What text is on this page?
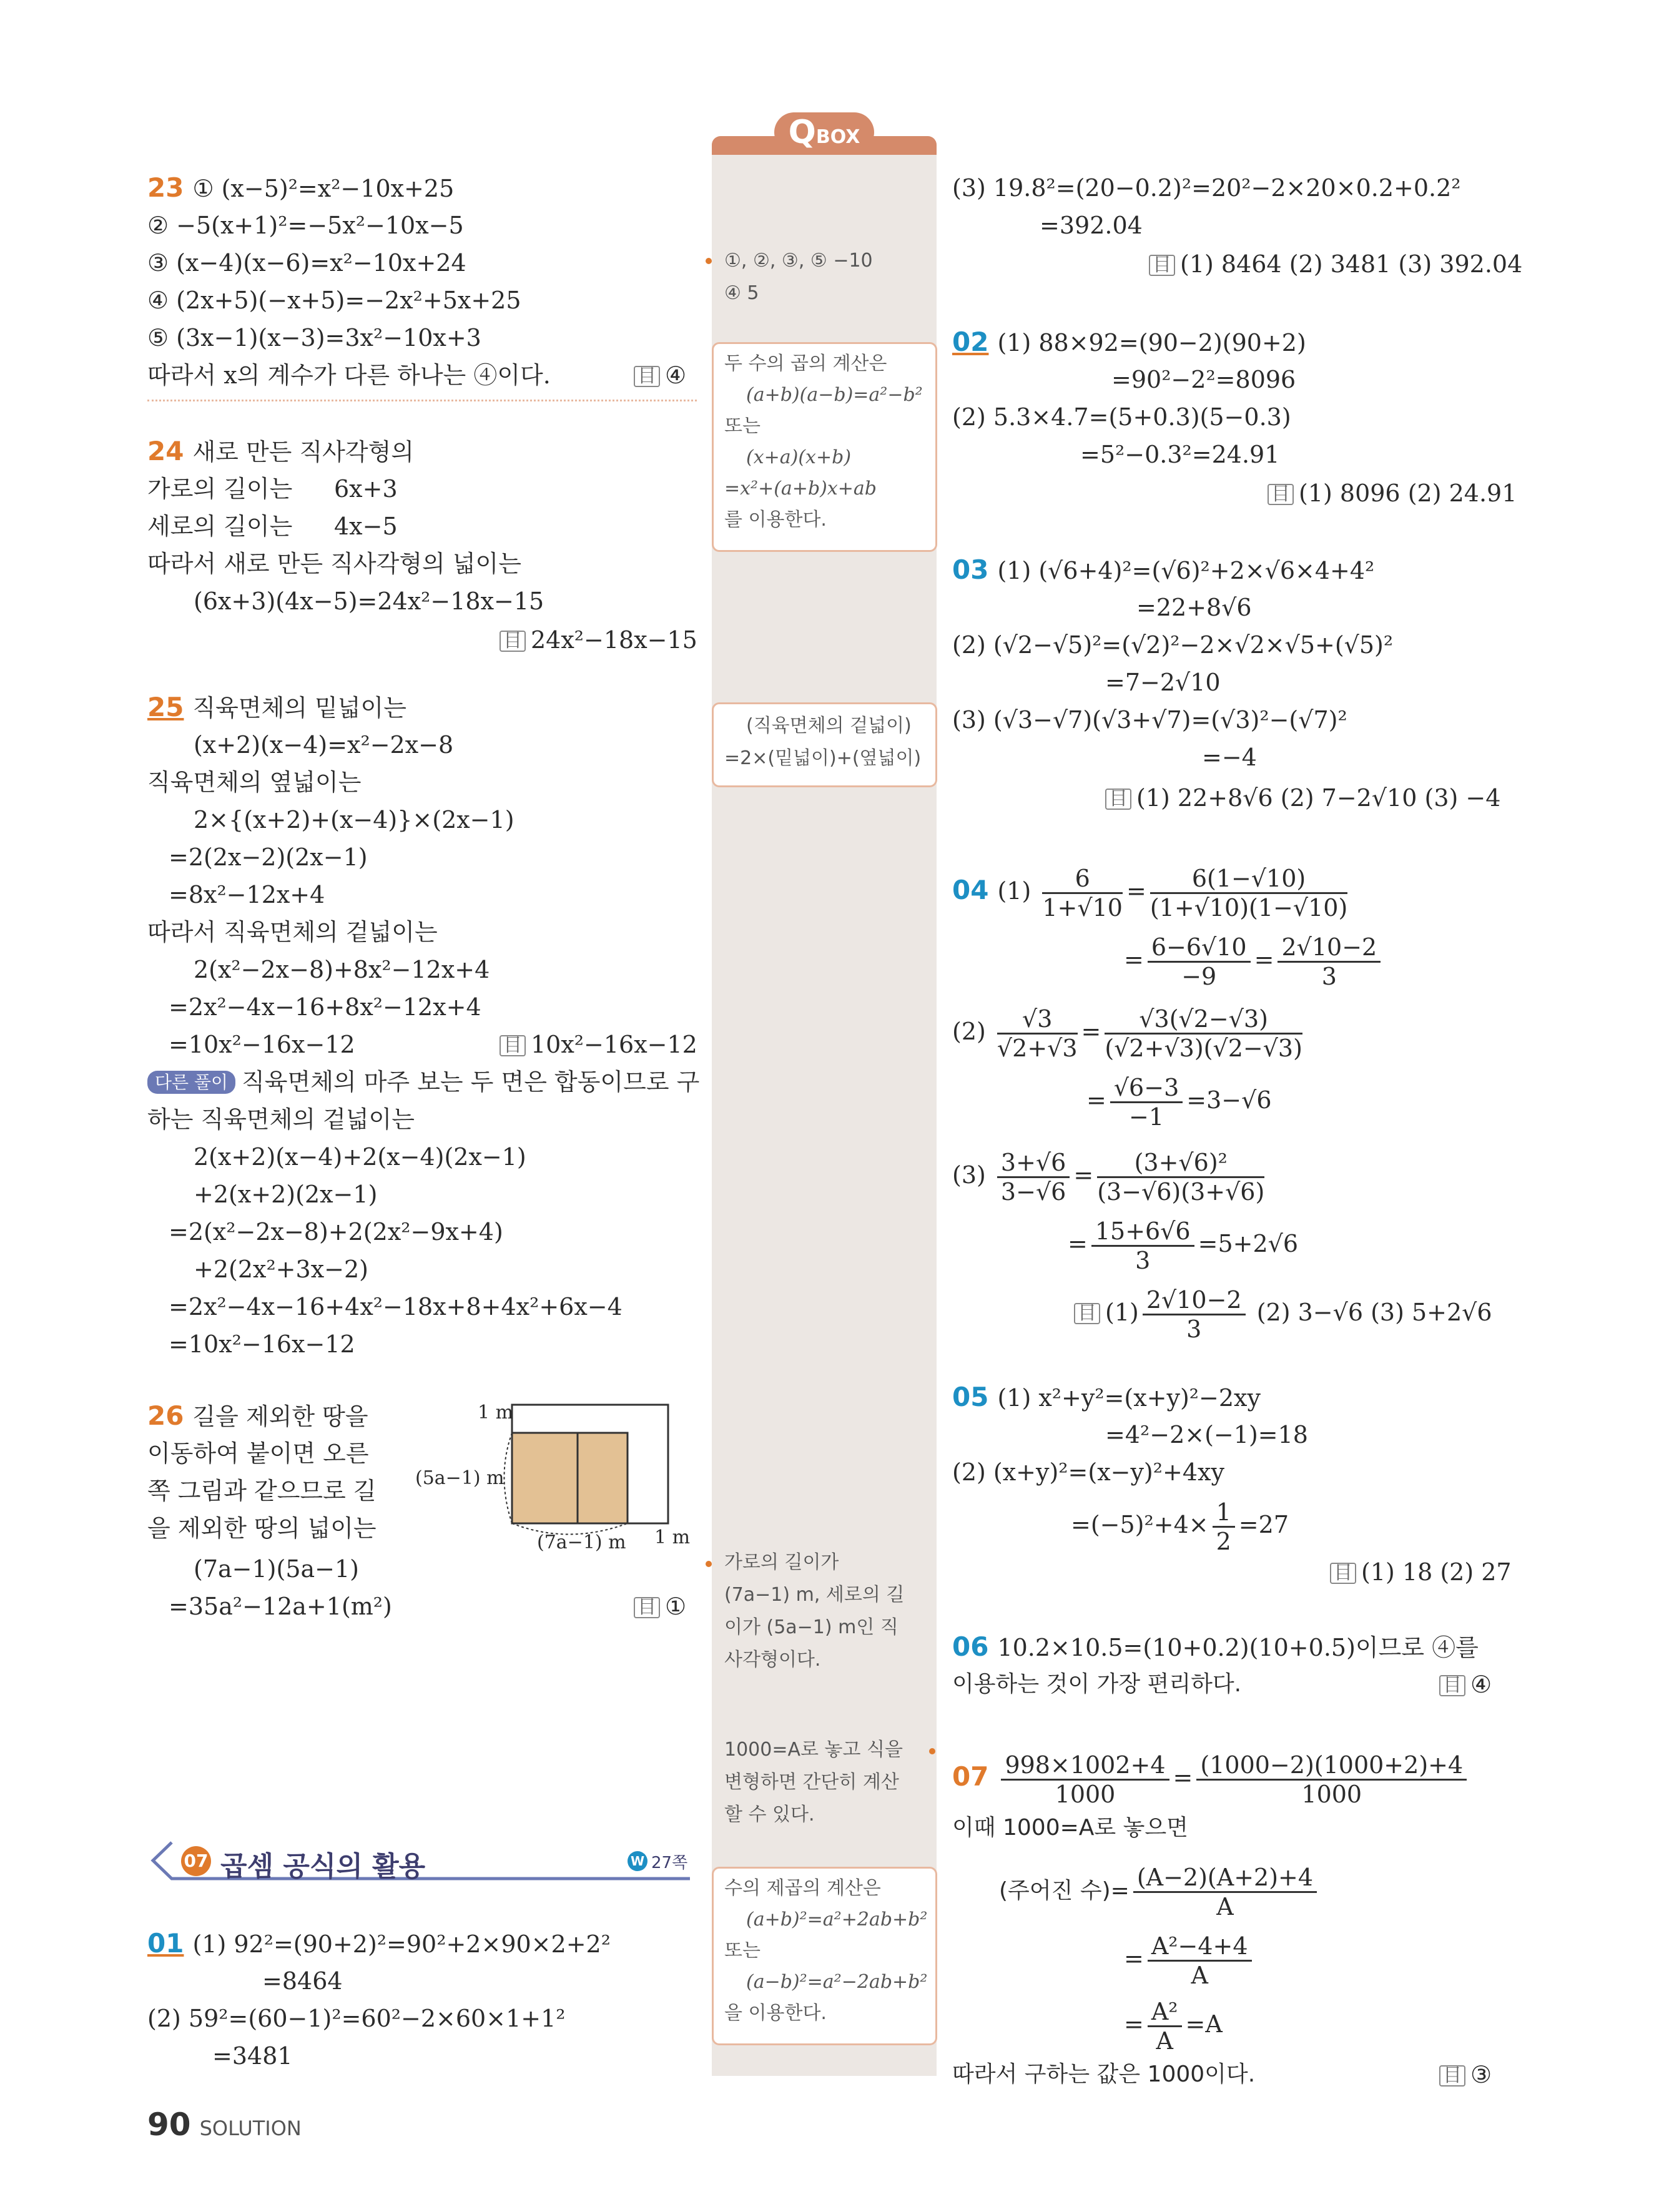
QBOX
23 ① (x−5)²=x²−10x+25
② −5(x+1)²=−5x²−10x−5
③ (x−4)(x−6)=x²−10x+24
④ (2x+5)(−x+5)=−2x²+5x+25
⑤ (3x−1)(x−3)=3x²−10x+3
따라서 x의 계수가 다른 하나는 ④이다.	目 ④
24 새로 만든 직사각형의
가로의 길이는 6x+3
세로의 길이는 4x−5
따라서 새로 만든 직사각형의 넓이는
(6x+3)(4x−5)=24x²−18x−15
目 24x²−18x−15
25 직육면체의 밑넓이는
(x+2)(x−4)=x²−2x−8
직육면체의 옆넓이는
2×{(x+2)+(x−4)}×(2x−1)
=2(2x−2)(2x−1)
=8x²−12x+4
따라서 직육면체의 겉넓이는
2(x²−2x−8)+8x²−12x+4
=2x²−4x−16+8x²−12x+4
=10x²−16x−12	目 10x²−16x−12
다른 풀이 직육면체의 마주 보는 두 면은 합동이므로 구
하는 직육면체의 겉넓이는
2(x+2)(x−4)+2(x−4)(2x−1)
+2(x+2)(2x−1)
=2(x²−2x−8)+2(2x²−9x+4)
+2(2x²+3x−2)
=2x²−4x−16+4x²−18x+8+4x²+6x−4
=10x²−16x−12
26 길을 제외한 땅을
이동하여 붙이면 오른
쪽 그림과 같으므로 길
을 제외한 땅의 넓이는
(7a−1)(5a−1)
=35a²−12a+1(m²)	目 ①
1 m
(5a−1) m
(7a−1) m 1 m
07 곱셈 공식의 활용	W 27쪽
01 (1) 92²=(90+2)²=90²+2×90×2+2²
=8464
(2) 59²=(60−1)²=60²−2×60×1+1²
=3481
90 SOLUTION
①, ②, ③, ⑤ −10
④ 5
두 수의 곱의 계산은
(a+b)(a−b)=a²−b²
또는
(x+a)(x+b)
=x²+(a+b)x+ab
를 이용한다.
(직육면체의 겉넓이)
=2×(밑넓이)+(옆넓이)
가로의 길이가
(7a−1) m, 세로의 길
이가 (5a−1) m인 직
사각형이다.
1000=A로 놓고 식을
변형하면 간단히 계산
할 수 있다.
수의 제곱의 계산은
(a+b)²=a²+2ab+b²
또는
(a−b)²=a²−2ab+b²
을 이용한다.
(3) 19.8²=(20−0.2)²=20²−2×20×0.2+0.2²
=392.04
目 (1) 8464 (2) 3481 (3) 392.04
02 (1) 88×92=(90−2)(90+2)
=90²−2²=8096
(2) 5.3×4.7=(5+0.3)(5−0.3)
=5²−0.3²=24.91
目 (1) 8096 (2) 24.91
03 (1) (√6+4)²=(√6)²+2×√6×4+4²
=22+8√6
(2) (√2−√5)²=(√2)²−2×√2×√5+(√5)²
=7−2√10
(3) (√3−√7)(√3+√7)=(√3)²−(√7)²
=−4
目 (1) 22+8√6 (2) 7−2√10 (3) −4
04 $(1) \frac{6}{1+√10} = \frac{6(1-√10)}{(1+√10)(1-√10)}$
= $\frac{6-6√10}{-9} = \frac{2√10-2}{3}$
$(2) \frac{√3}{√2+√3} = \frac{√3(√2-√3)}{(√2+√3)(√2-√3)}$
= $\frac{√6-3}{-1} =3-√6$
$(3) \frac{3+√6}{3-√6} = \frac{\text{(3+√6)²}}{(3-√6)(3+√6)}$
= $\frac{15+6√6}{3} =5+2√6$
目 $(1) \frac{2√10-2}{3} (2)$ 3−√6 (3) 5+2√6
05 (1) x²+y²=(x+y)²−2xy
=4²−2×(−1)=18
(2) (x+y)²=(x−y)²+4xy
$=(-5)^2+4\times \frac{1}{2} =27$
目 (1) 18 (2) 27
06 10.2×10.5=(10+0.2)(10+0.5)이므로 ④를
이용하는 것이 가장 편리하다.	目 ④
$07 \frac{998\times 1002+4}{1000} = \frac{(1000-2)(1000+2)+4}{1000}$
이때 1000=A로 놓으면
(주어진 수)= $\frac{(A-2)(A+2)+4}{A}$
= $\frac{\text{A²−4+4}}{A}$
= $\frac{\text{A²}}{A} =A$
따라서 구하는 값은 1000이다.	目 ③
